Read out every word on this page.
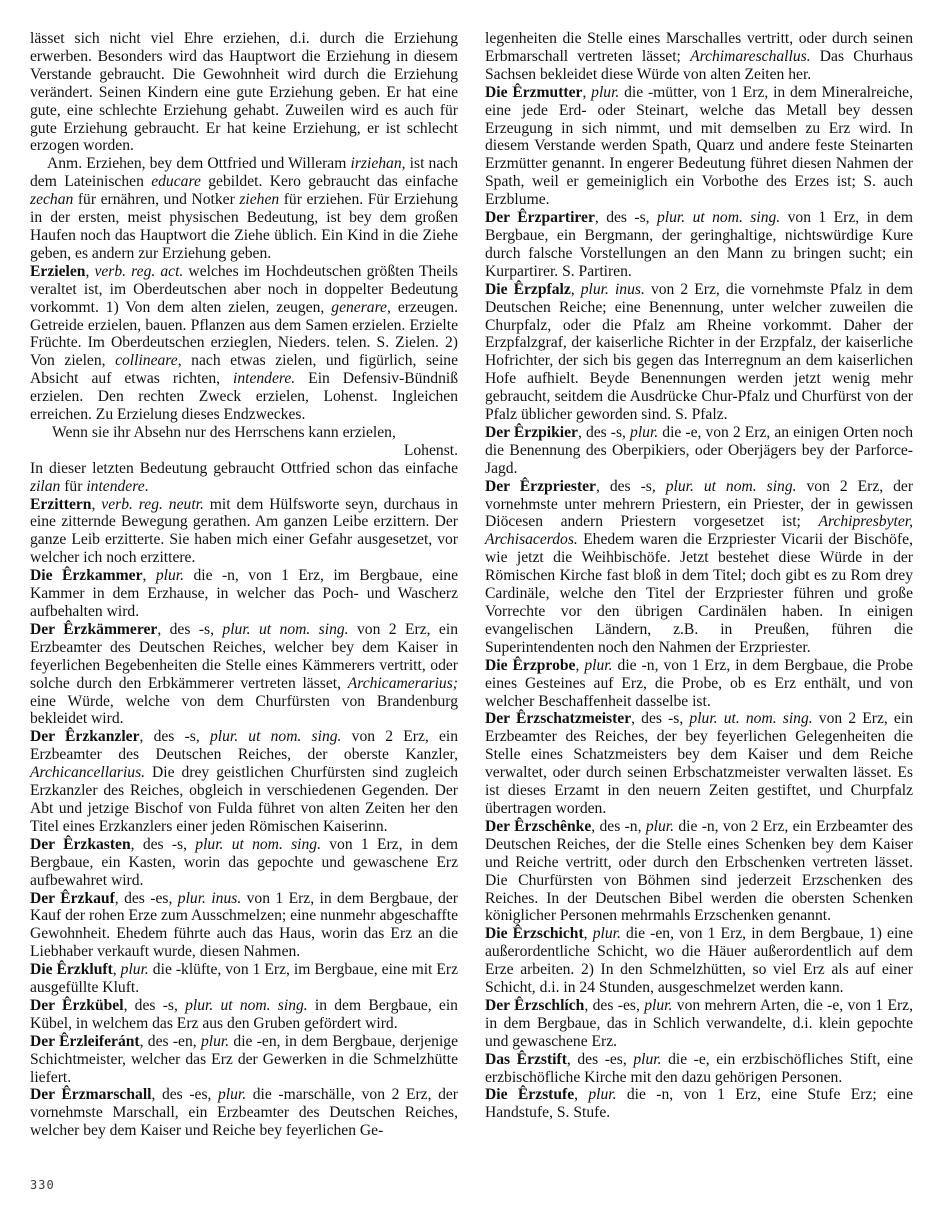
lässet sich nicht viel Ehre erziehen, d.i. durch die Erziehung erwerben. Besonders wird das Hauptwort die Erziehung in diesem Verstande gebraucht. Die Gewohnheit wird durch die Erziehung verändert. Seinen Kindern eine gute Erziehung geben. Er hat eine gute, eine schlechte Erziehung gehabt. Zuweilen wird es auch für gute Erziehung gebraucht. Er hat keine Erziehung, er ist schlecht erzogen worden.

Anm. Erziehen, bey dem Ottfried und Willeram irziehan, ist nach dem Lateinischen educare gebildet. Kero gebraucht das einfache zechan für ernähren, und Notker ziehen für erziehen. Für Erziehung in der ersten, meist physischen Bedeutung, ist bey dem großen Haufen noch das Hauptwort die Ziehe üblich. Ein Kind in die Ziehe geben, es andern zur Erziehung geben.

Erzielen, verb. reg. act. welches im Hochdeutschen größten Theils veraltet ist, im Oberdeutschen aber noch in doppelter Bedeutung vorkommt. 1) Von dem alten zielen, zeugen, generare, erzeugen. Getreide erzielen, bauen. Pflanzen aus dem Samen erzielen. Erzielte Früchte. Im Oberdeutschen erzieglen, Nieders. telen. S. Zielen. 2) Von zielen, collineare, nach etwas zielen, und figürlich, seine Absicht auf etwas richten, intendere. Ein Defensiv-Bündniß erzielen. Den rechten Zweck erzielen, Lohenst. Ingleichen erreichen. Zu Erzielung dieses Endzweckes.

Wenn sie ihr Absehn nur des Herrschens kann erzielen,

Lohenst.

In dieser letzten Bedeutung gebraucht Ottfried schon das einfache zilan für intendere.

Erzittern, verb. reg. neutr. mit dem Hülfsworte seyn, durchaus in eine zitternde Bewegung gerathen. Am ganzen Leibe erzittern. Der ganze Leib erzitterte. Sie haben mich einer Gefahr ausgesetzet, vor welcher ich noch erzittere.

Die Êrzkammer, plur. die -n, von 1 Erz, im Bergbaue, eine Kammer in dem Erzhause, in welcher das Poch- und Wascherz aufbehalten wird.

Der Êrzkämmerer, des -s, plur. ut nom. sing. von 2 Erz, ein Erzbeamter des Deutschen Reiches, welcher bey dem Kaiser in feyerlichen Begebenheiten die Stelle eines Kämmerers vertritt, oder solche durch den Erbkämmerer vertreten lässet, Archicamerarius; eine Würde, welche von dem Churfürsten von Brandenburg bekleidet wird.

Der Êrzkanzler, des -s, plur. ut nom. sing. von 2 Erz, ein Erzbeamter des Deutschen Reiches, der oberste Kanzler, Archicancellarius. Die drey geistlichen Churfürsten sind zugleich Erzkanzler des Reiches, obgleich in verschiedenen Gegenden. Der Abt und jetzige Bischof von Fulda führet von alten Zeiten her den Titel eines Erzkanzlers einer jeden Römischen Kaiserinn.

Der Êrzkasten, des -s, plur. ut nom. sing. von 1 Erz, in dem Bergbaue, ein Kasten, worin das gepochte und gewaschene Erz aufbewahret wird.

Der Êrzkauf, des -es, plur. inus. von 1 Erz, in dem Bergbaue, der Kauf der rohen Erze zum Ausschmelzen; eine nunmehr abgeschaffte Gewohnheit. Ehedem führte auch das Haus, worin das Erz an die Liebhaber verkauft wurde, diesen Nahmen.

Die Êrzkluft, plur. die -klüfte, von 1 Erz, im Bergbaue, eine mit Erz ausgefüllte Kluft.

Der Êrzkübel, des -s, plur. ut nom. sing. in dem Bergbaue, ein Kübel, in welchem das Erz aus den Gruben gefördert wird.

Der Êrzleiferánt, des -en, plur. die -en, in dem Bergbaue, derjenige Schichtmeister, welcher das Erz der Gewerken in die Schmelzhütte liefert.

Der Êrzmarschall, des -es, plur. die -marschälle, von 2 Erz, der vornehmste Marschall, ein Erzbeamter des Deutschen Reiches, welcher bey dem Kaiser und Reiche bey feyerlichen Ge-

legenheiten die Stelle eines Marschalles vertritt, oder durch seinen Erbmarschall vertreten lässet; Archimareschallus. Das Churhaus Sachsen bekleidet diese Würde von alten Zeiten her.

Die Êrzmutter, plur. die -mütter, von 1 Erz, in dem Mineralreiche, eine jede Erd- oder Steinart, welche das Metall bey dessen Erzeugung in sich nimmt, und mit demselben zu Erz wird. In diesem Verstande werden Spath, Quarz und andere feste Steinarten Erzmütter genannt. In engerer Bedeutung führet diesen Nahmen der Spath, weil er gemeiniglich ein Vorbothe des Erzes ist; S. auch Erzblume.

Der Êrzpartirer, des -s, plur. ut nom. sing. von 1 Erz, in dem Bergbaue, ein Bergmann, der geringhaltige, nichtswürdige Kure durch falsche Vorstellungen an den Mann zu bringen sucht; ein Kurpartirer. S. Partiren.

Die Êrzpfalz, plur. inus. von 2 Erz, die vornehmste Pfalz in dem Deutschen Reiche; eine Benennung, unter welcher zuweilen die Churpfalz, oder die Pfalz am Rheine vorkommt. Daher der Erzpfalzgraf, der kaiserliche Richter in der Erzpfalz, der kaiserliche Hofrichter, der sich bis gegen das Interregnum an dem kaiserlichen Hofe aufhielt. Beyde Benennungen werden jetzt wenig mehr gebraucht, seitdem die Ausdrücke Chur-Pfalz und Churfürst von der Pfalz üblicher geworden sind. S. Pfalz.

Der Êrzpikier, des -s, plur. die -e, von 2 Erz, an einigen Orten noch die Benennung des Oberpikiers, oder Oberjägers bey der Parforce-Jagd.

Der Êrzpriester, des -s, plur. ut nom. sing. von 2 Erz, der vornehmste unter mehrern Priestern, ein Priester, der in gewissen Diöcesen andern Priestern vorgesetzet ist; Archipresbyter, Archisacerdos. Ehedem waren die Erzpriester Vicarii der Bischöfe, wie jetzt die Weihbischöfe. Jetzt bestehet diese Würde in der Römischen Kirche fast bloß in dem Titel; doch gibt es zu Rom drey Cardinäle, welche den Titel der Erzpriester führen und große Vorrechte vor den übrigen Cardinälen haben. In einigen evangelischen Ländern, z.B. in Preußen, führen die Superintendenten noch den Nahmen der Erzpriester.

Die Êrzprobe, plur. die -n, von 1 Erz, in dem Bergbaue, die Probe eines Gesteines auf Erz, die Probe, ob es Erz enthält, und von welcher Beschaffenheit dasselbe ist.

Der Êrzschatzmeister, des -s, plur. ut. nom. sing. von 2 Erz, ein Erzbeamter des Reiches, der bey feyerlichen Gelegenheiten die Stelle eines Schatzmeisters bey dem Kaiser und dem Reiche verwaltet, oder durch seinen Erbschatzmeister verwalten lässet. Es ist dieses Erzamt in den neuern Zeiten gestiftet, und Churpfalz übertragen worden.

Der Êrzschênke, des -n, plur. die -n, von 2 Erz, ein Erzbeamter des Deutschen Reiches, der die Stelle eines Schenken bey dem Kaiser und Reiche vertritt, oder durch den Erbschenken vertreten lässet. Die Churfürsten von Böhmen sind jederzeit Erzschenken des Reiches. In der Deutschen Bibel werden die obersten Schenken königlicher Personen mehrmahls Erzschenken genannt.

Die Êrzschicht, plur. die -en, von 1 Erz, in dem Bergbaue, 1) eine außerordentliche Schicht, wo die Häuer außerordentlich auf dem Erze arbeiten. 2) In den Schmelzhütten, so viel Erz als auf einer Schicht, d.i. in 24 Stunden, ausgeschmelzet werden kann.

Der Êrzschlích, des -es, plur. von mehrern Arten, die -e, von 1 Erz, in dem Bergbaue, das in Schlich verwandelte, d.i. klein gepochte und gewaschene Erz.

Das Êrzstift, des -es, plur. die -e, ein erzbischöfliches Stift, eine erzbischöfliche Kirche mit den dazu gehörigen Personen.

Die Êrzstufe, plur. die -n, von 1 Erz, eine Stufe Erz; eine Handstufe, S. Stufe.

330
